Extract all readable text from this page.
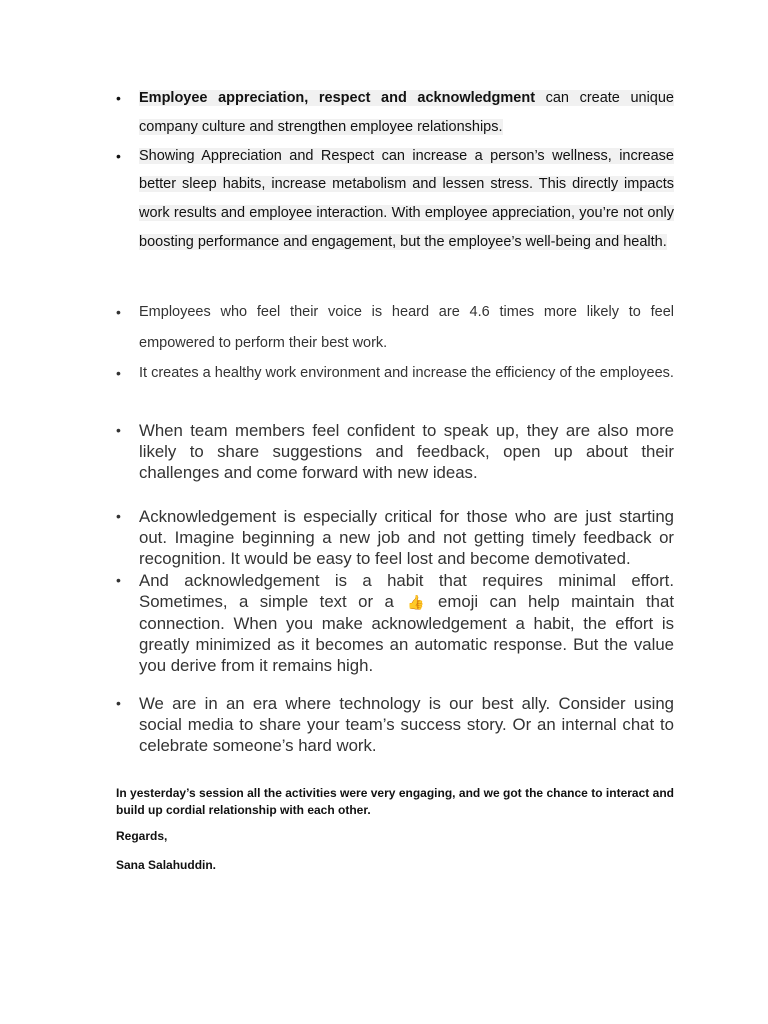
• Employee appreciation, respect and acknowledgment can create unique company culture and strengthen employee relationships.
• Showing Appreciation and Respect can increase a person’s wellness, increase better sleep habits, increase metabolism and lessen stress. This directly impacts work results and employee interaction. With employee appreciation, you’re not only boosting performance and engagement, but the employee’s well-being and health.
• Employees who feel their voice is heard are 4.6 times more likely to feel empowered to perform their best work.
• It creates a healthy work environment and increase the efficiency of the employees.
• When team members feel confident to speak up, they are also more likely to share suggestions and feedback, open up about their challenges and come forward with new ideas.
• Acknowledgement is especially critical for those who are just starting out. Imagine beginning a new job and not getting timely feedback or recognition. It would be easy to feel lost and become demotivated.
• And acknowledgement is a habit that requires minimal effort. Sometimes, a simple text or a 👍 emoji can help maintain that connection. When you make acknowledgement a habit, the effort is greatly minimized as it becomes an automatic response. But the value you derive from it remains high.
• We are in an era where technology is our best ally. Consider using social media to share your team’s success story. Or an internal chat to celebrate someone’s hard work.

In yesterday’s session all the activities were very engaging, and we got the chance to interact and build up cordial relationship with each other.

Regards,

Sana Salahuddin.
